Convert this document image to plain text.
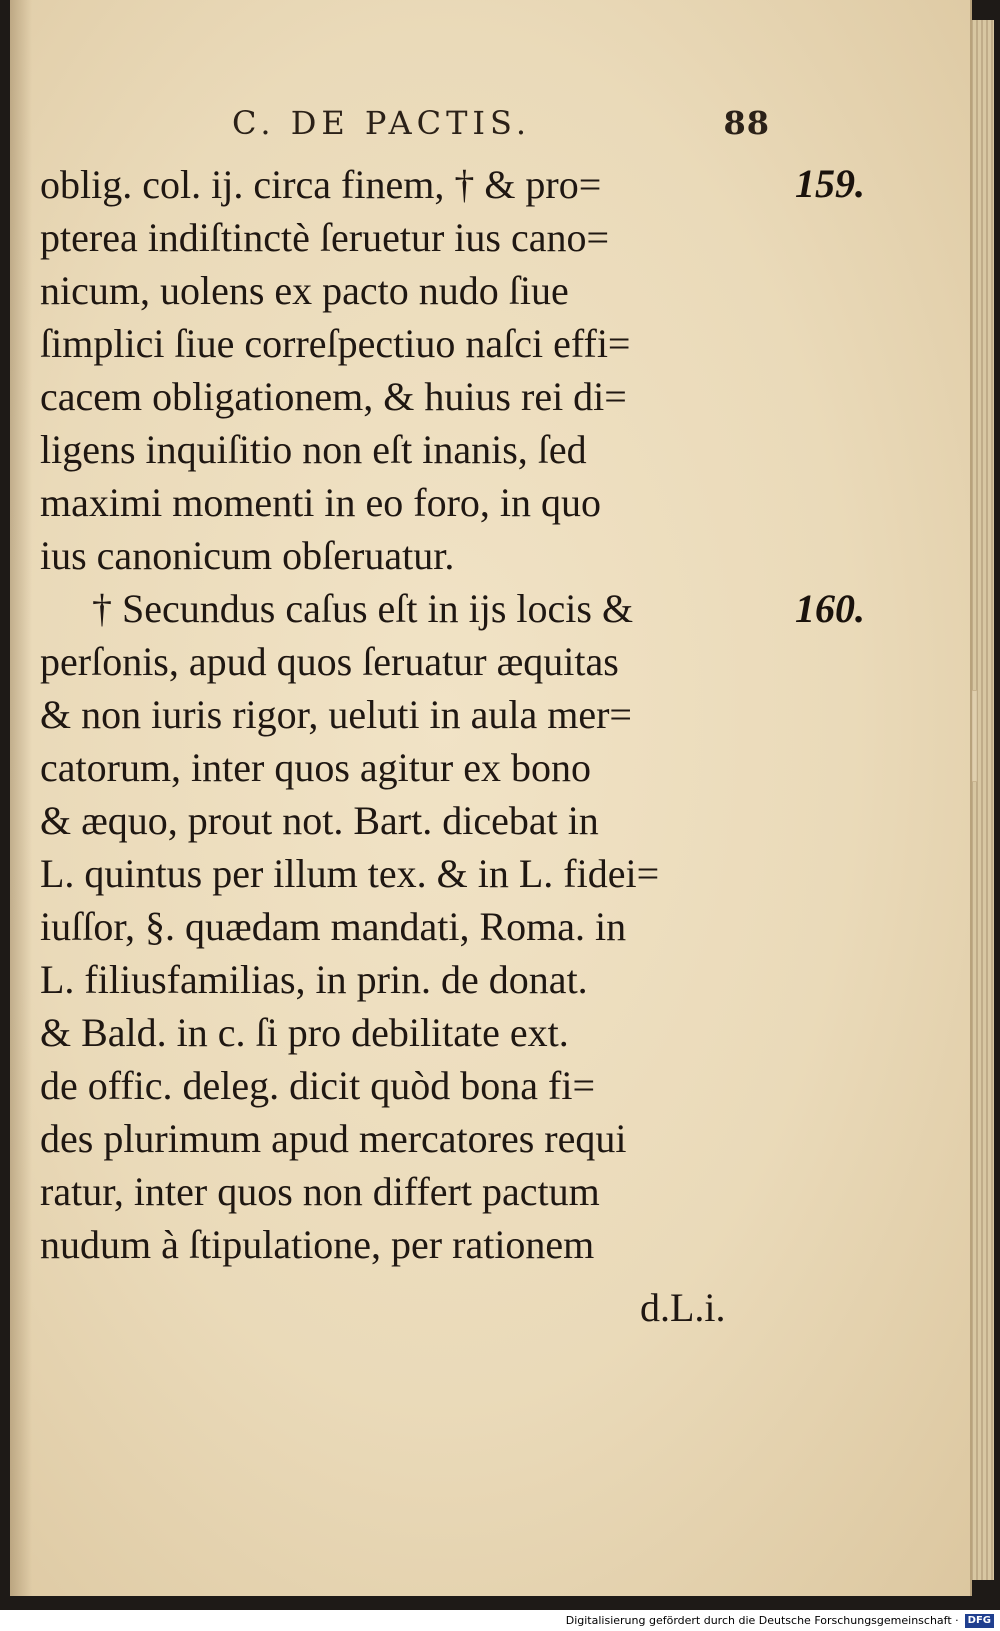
C. DE PACTIS.	88
oblig. col. ij. circa finem, † & pro=
pterea indiſtinctè ſeruetur ius cano=
nicum, uolens ex pacto nudo ſiue
ſimplici ſiue correſpectiuo naſci effi=
cacem obligationem, & huius rei di=
ligens inquiſitio non eſt inanis, ſed
maximi momenti in eo foro, in quo
ius canonicum obſeruatur.
† Secundus caſus eſt in ijs locis &
perſonis, apud quos ſeruatur æquitas
& non iuris rigor, ueluti in aula mer=
catorum, inter quos agitur ex bono
& æquo, prout not. Bart. dicebat in
L. quintus per illum tex. & in L. fidei=
iuſſor, §. quædam mandati, Roma. in
L. filiusfamilias, in prin. de donat.
& Bald. in c. ſi pro debilitate ext.
de offic. deleg. dicit quòd bona fi=
des plurimum apud mercatores requi
ratur, inter quos non differt pactum
nudum à ſtipulatione, per rationem
d.L.i.
159.
160.
Digitalisierung gefördert durch die Deutsche Forschungsgemeinschaft · DFG
